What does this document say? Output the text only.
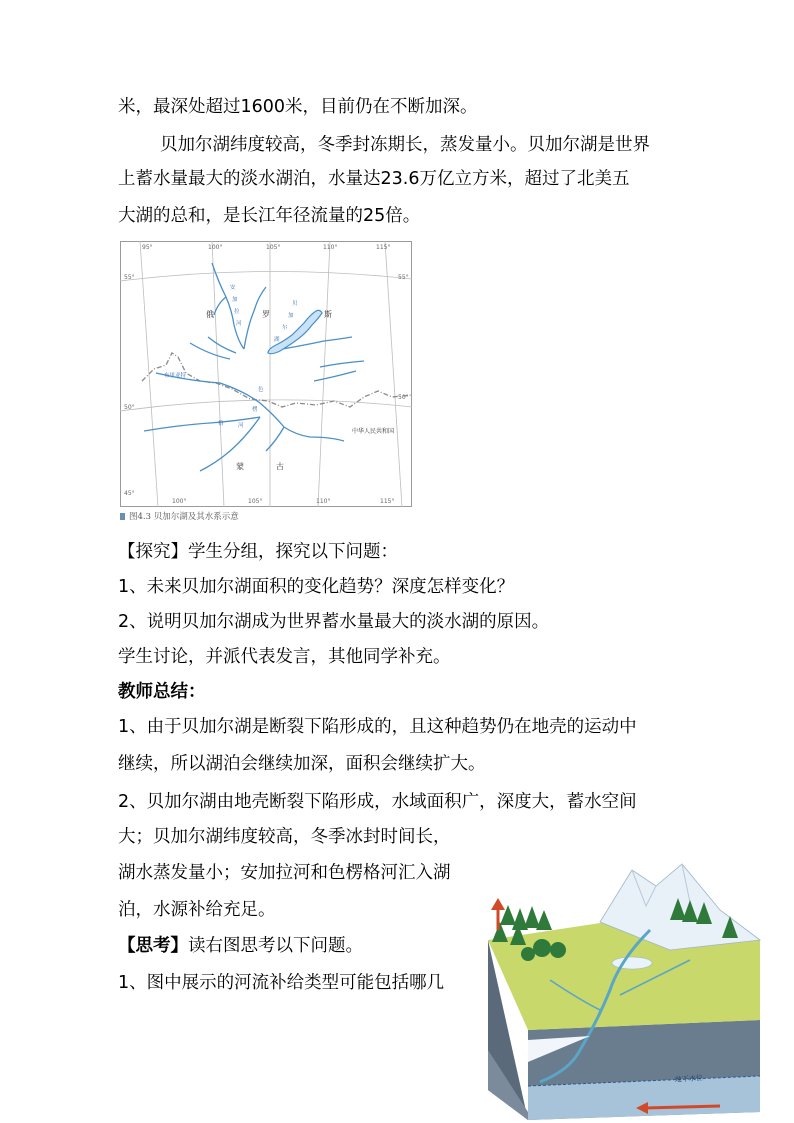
米，最深处超过1600米，目前仍在不断加深。
贝加尔湖纬度较高，冬季封冻期长，蒸发量小。贝加尔湖是世界
上蓄水量最大的淡水湖泊，水量达23.6万亿立方米，超过了北美五
大湖的总和，是长江年径流量的25倍。
95°	100°	105°	110°	115°
55°
50°
45°
55°
50°
100°	105°	110°	115°
俄	罗	斯
蒙	古
中华人民共和国
布里亚特
安
加
拉
河
贝
加
尔
湖
色
楞
格	河
图4.3 贝加尔湖及其水系示意
【探究】学生分组，探究以下问题：
1、未来贝加尔湖面积的变化趋势？深度怎样变化？
2、说明贝加尔湖成为世界蓄水量最大的淡水湖的原因。
学生讨论，并派代表发言，其他同学补充。
教师总结：
1、由于贝加尔湖是断裂下陷形成的，且这种趋势仍在地壳的运动中
继续，所以湖泊会继续加深，面积会继续扩大。
2、贝加尔湖由地壳断裂下陷形成，水域面积广，深度大，蓄水空间
大；贝加尔湖纬度较高，冬季冰封时间长，
湖水蒸发量小；安加拉河和色楞格河汇入湖
泊，水源补给充足。
【思考】读右图思考以下问题。
1、图中展示的河流补给类型可能包括哪几
地下水位
